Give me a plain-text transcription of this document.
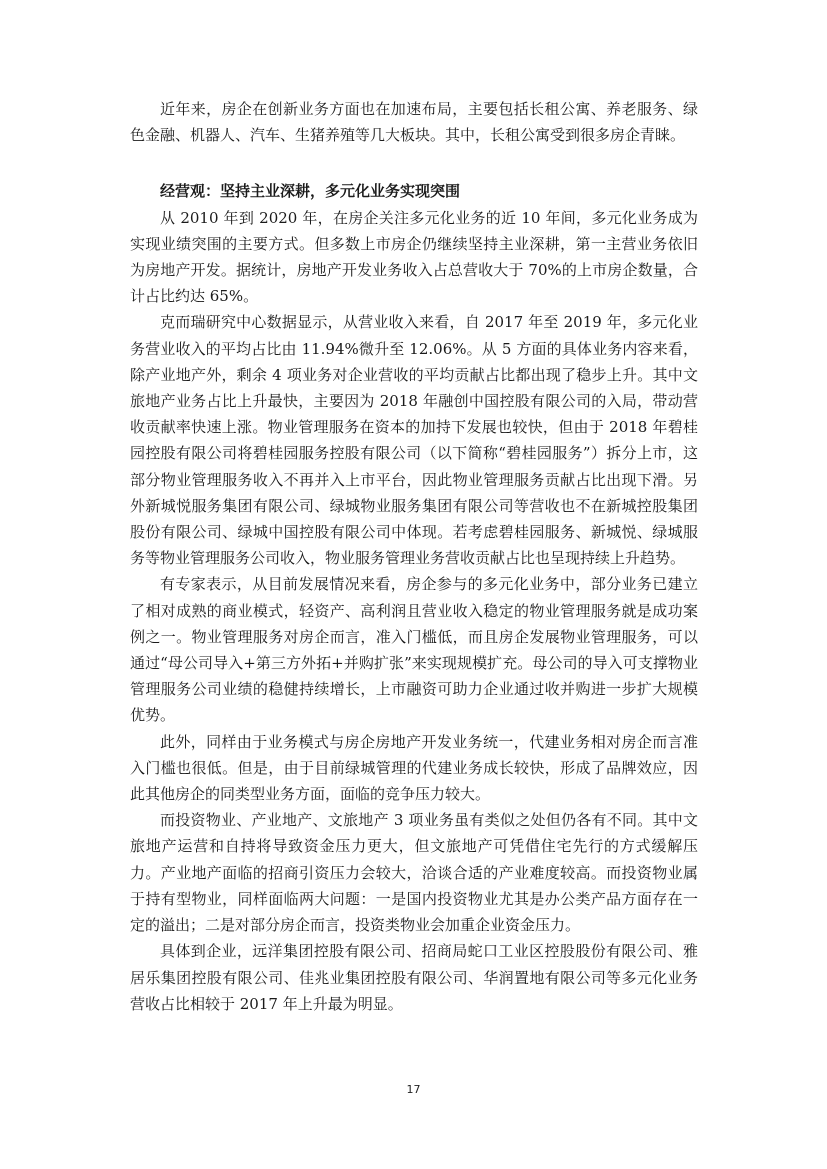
近年来，房企在创新业务方面也在加速布局，主要包括长租公寓、养老服务、绿色金融、机器人、汽车、生猪养殖等几大板块。其中，长租公寓受到很多房企青睐。

经营观：坚持主业深耕，多元化业务实现突围

从 2010 年到 2020 年，在房企关注多元化业务的近 10 年间，多元化业务成为实现业绩突围的主要方式。但多数上市房企仍继续坚持主业深耕，第一主营业务依旧为房地产开发。据统计，房地产开发业务收入占总营收大于 70%的上市房企数量，合计占比约达 65%。

克而瑞研究中心数据显示，从营业收入来看，自 2017 年至 2019 年，多元化业务营业收入的平均占比由 11.94%微升至 12.06%。从 5 方面的具体业务内容来看，除产业地产外，剩余 4 项业务对企业营收的平均贡献占比都出现了稳步上升。其中文旅地产业务占比上升最快，主要因为 2018 年融创中国控股有限公司的入局，带动营收贡献率快速上涨。物业管理服务在资本的加持下发展也较快，但由于 2018 年碧桂园控股有限公司将碧桂园服务控股有限公司（以下简称“碧桂园服务”）拆分上市，这部分物业管理服务收入不再并入上市平台，因此物业管理服务贡献占比出现下滑。另外新城悦服务集团有限公司、绿城物业服务集团有限公司等营收也不在新城控股集团股份有限公司、绿城中国控股有限公司中体现。若考虑碧桂园服务、新城悦、绿城服务等物业管理服务公司收入，物业服务管理业务营收贡献占比也呈现持续上升趋势。

有专家表示，从目前发展情况来看，房企参与的多元化业务中，部分业务已建立了相对成熟的商业模式，轻资产、高利润且营业收入稳定的物业管理服务就是成功案例之一。物业管理服务对房企而言，准入门槛低，而且房企发展物业管理服务，可以通过“母公司导入+第三方外拓+并购扩张”来实现规模扩充。母公司的导入可支撑物业管理服务公司业绩的稳健持续增长，上市融资可助力企业通过收并购进一步扩大规模优势。

此外，同样由于业务模式与房企房地产开发业务统一，代建业务相对房企而言准入门槛也很低。但是，由于目前绿城管理的代建业务成长较快，形成了品牌效应，因此其他房企的同类型业务方面，面临的竞争压力较大。

而投资物业、产业地产、文旅地产 3 项业务虽有类似之处但仍各有不同。其中文旅地产运营和自持将导致资金压力更大，但文旅地产可凭借住宅先行的方式缓解压力。产业地产面临的招商引资压力会较大，洽谈合适的产业难度较高。而投资物业属于持有型物业，同样面临两大问题：一是国内投资物业尤其是办公类产品方面存在一定的溢出；二是对部分房企而言，投资类物业会加重企业资金压力。

具体到企业，远洋集团控股有限公司、招商局蛇口工业区控股股份有限公司、雅居乐集团控股有限公司、佳兆业集团控股有限公司、华润置地有限公司等多元化业务营收占比相较于 2017 年上升最为明显。

17
